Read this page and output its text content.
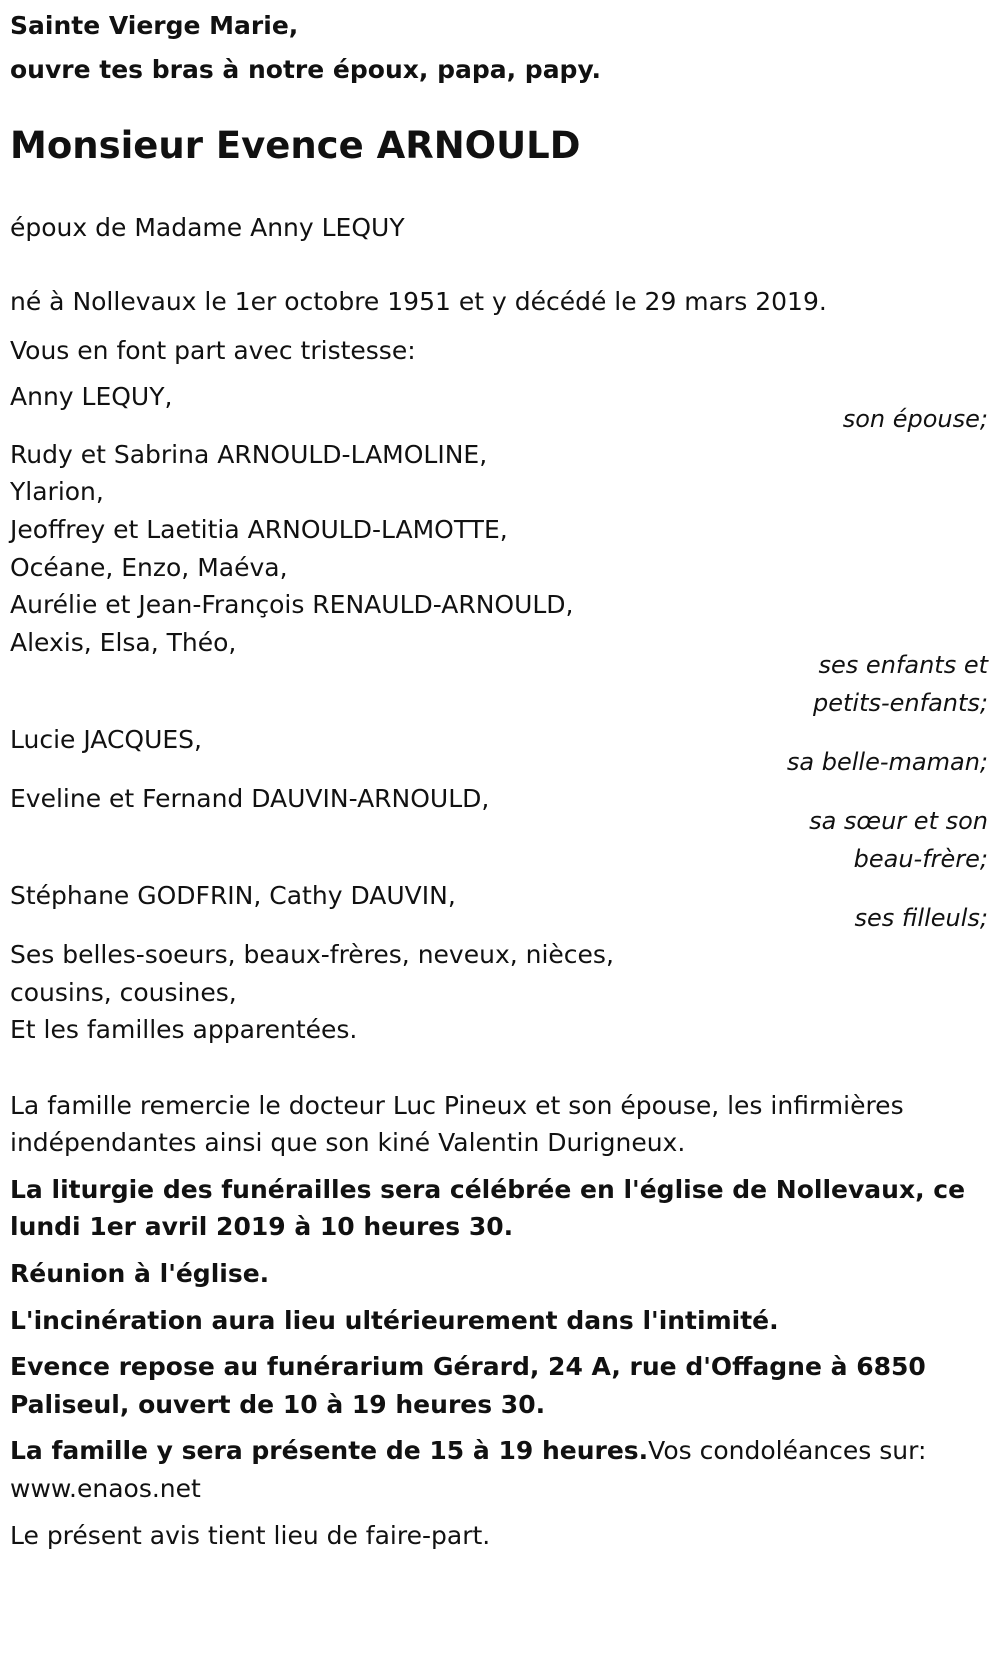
Sainte Vierge Marie,
ouvre tes bras à notre époux, papa, papy.
Monsieur Evence ARNOULD
époux de Madame Anny LEQUY
né à Nollevaux le 1er octobre 1951 et y décédé le 29 mars 2019.
Vous en font part avec tristesse:
Anny LEQUY,
son épouse;
Rudy et Sabrina ARNOULD-LAMOLINE,
Ylarion,
Jeoffrey et Laetitia ARNOULD-LAMOTTE,
Océane, Enzo, Maéva,
Aurélie et Jean-François RENAULD-ARNOULD,
Alexis, Elsa, Théo,
ses enfants et
petits-enfants;
Lucie JACQUES,
sa belle-maman;
Eveline et Fernand DAUVIN-ARNOULD,
sa sœur et son
beau-frère;
Stéphane GODFRIN, Cathy DAUVIN,
ses filleuls;
Ses belles-soeurs, beaux-frères, neveux, nièces,
cousins, cousines,
Et les familles apparentées.
La famille remercie le docteur Luc Pineux et son épouse, les infirmières
indépendantes ainsi que son kiné Valentin Durigneux.
La liturgie des funérailles sera célébrée en l'église de Nollevaux, ce
lundi 1er avril 2019 à 10 heures 30.
Réunion à l'église.
L'incinération aura lieu ultérieurement dans l'intimité.
Evence repose au funérarium Gérard, 24 A, rue d'Offagne à 6850
Paliseul, ouvert de 10 à 19 heures 30.
La famille y sera présente de 15 à 19 heures.Vos condoléances sur:
www.enaos.net
Le présent avis tient lieu de faire-part.
